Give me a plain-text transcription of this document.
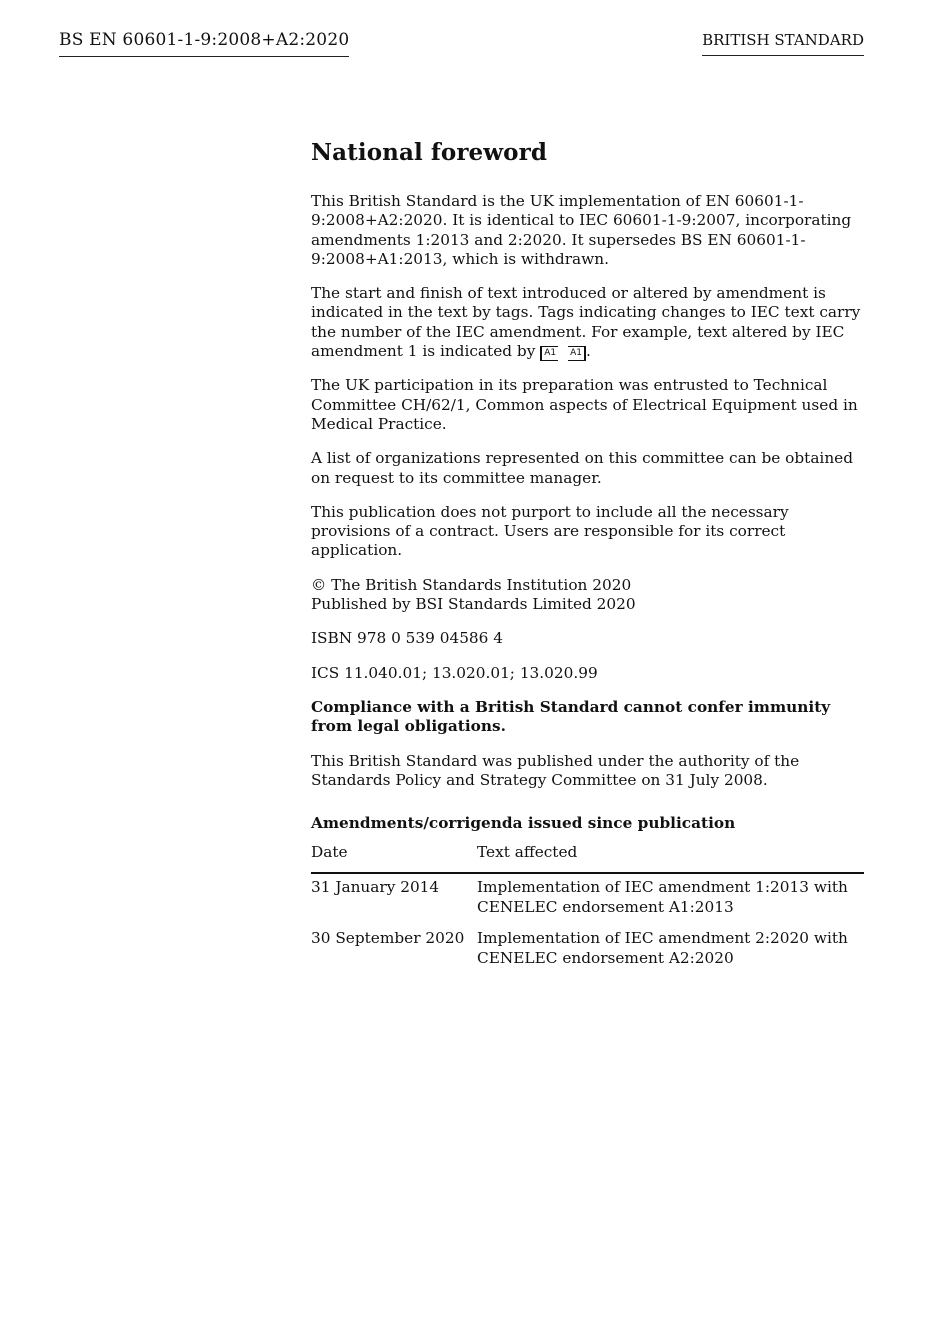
BS EN 60601-1-9:2008+A2:2020	BRITISH STANDARD
National foreword

This British Standard is the UK implementation of EN 60601-1-9:2008+A2:2020. It is identical to IEC 60601-1-9:2007, incorporating amendments 1:2013 and 2:2020. It supersedes BS EN 60601-1-9:2008+A1:2013, which is withdrawn.

The start and finish of text introduced or altered by amendment is indicated in the text by tags. Tags indicating changes to IEC text carry the number of the IEC amendment. For example, text altered by IEC amendment 1 is indicated by A1 A1 .

The UK participation in its preparation was entrusted to Technical Committee CH/62/1, Common aspects of Electrical Equipment used in Medical Practice.

A list of organizations represented on this committee can be obtained on request to its committee manager.

This publication does not purport to include all the necessary provisions of a contract. Users are responsible for its correct application.

© The British Standards Institution 2020
Published by BSI Standards Limited 2020

ISBN 978 0 539 04586 4

ICS 11.040.01; 13.020.01; 13.020.99

Compliance with a British Standard cannot confer immunity from legal obligations.

This British Standard was published under the authority of the Standards Policy and Strategy Committee on 31 July 2008.

Amendments/corrigenda issued since publication
Date	Text affected
31 January 2014	Implementation of IEC amendment 1:2013 with
CENELEC endorsement A1:2013
30 September 2020	Implementation of IEC amendment 2:2020 with
CENELEC endorsement A2:2020
